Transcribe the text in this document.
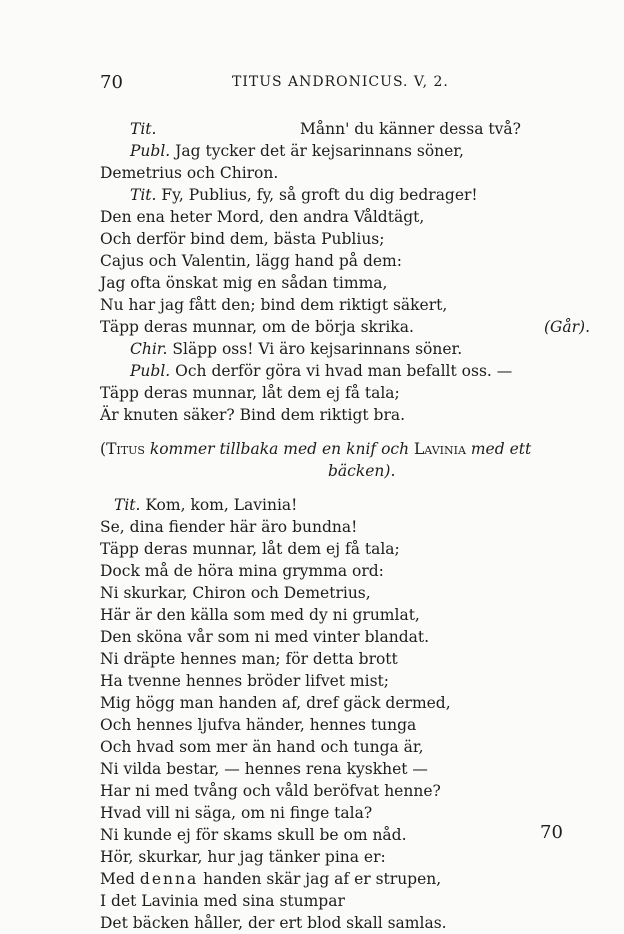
70	TITUS ANDRONICUS. V, 2.
Tit.	Månn' du känner dessa två?
Publ. Jag tycker det är kejsarinnans söner,
Demetrius och Chiron.
Tit. Fy, Publius, fy, så groft du dig bedrager!
Den ena heter Mord, den andra Våldtägt,
Och derför bind dem, bästa Publius;
Cajus och Valentin, lägg hand på dem:
Jag ofta önskat mig en sådan timma,
Nu har jag fått den; bind dem riktigt säkert,
Täpp deras munnar, om de börja skrika.	(Går).
Chir. Släpp oss! Vi äro kejsarinnans söner.
Publ. Och derför göra vi hvad man befallt oss. —
Täpp deras munnar, låt dem ej få tala;
Är knuten säker? Bind dem riktigt bra.
(Titus kommer tillbaka med en knif och Lavinia med ett
bäcken).
Tit. Kom, kom, Lavinia!
Se, dina fiender här äro bundna!
Täpp deras munnar, låt dem ej få tala;
Dock må de höra mina grymma ord:
Ni skurkar, Chiron och Demetrius,
Här är den källa som med dy ni grumlat,
Den sköna vår som ni med vinter blandat.
Ni dräpte hennes man; för detta brott
Ha tvenne hennes bröder lifvet mist;
Mig högg man handen af, dref gäck dermed,
Och hennes ljufva händer, hennes tunga
Och hvad som mer än hand och tunga är,
Ni vilda bestar, — hennes rena kyskhet —
Har ni med tvång och våld beröfvat henne?
Hvad vill ni säga, om ni finge tala?
Ni kunde ej för skams skull be om nåd.
Hör, skurkar, hur jag tänker pina er:
Med denna handen skär jag af er strupen,
I det Lavinia med sina stumpar
Det bäcken håller, der ert blod skall samlas.
70
